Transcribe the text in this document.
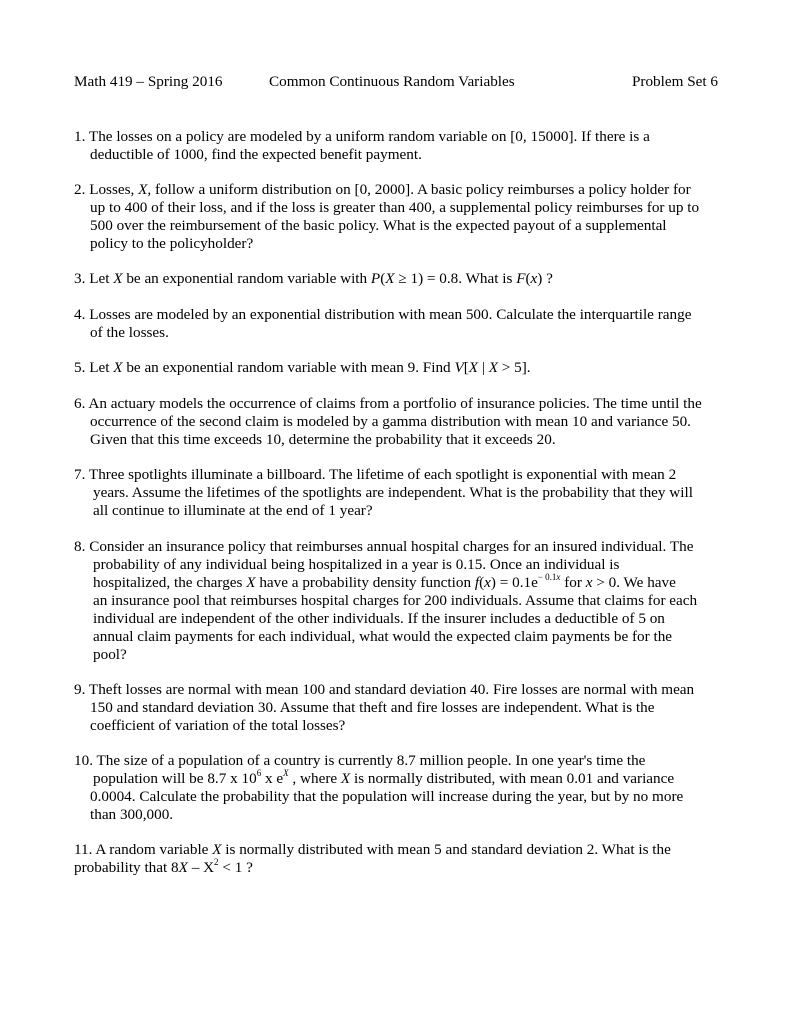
Math 419 – Spring 2016	Common Continuous Random Variables	Problem Set 6
1. The losses on a policy are modeled by a uniform random variable on [0, 15000]. If there is a
deductible of 1000, find the expected benefit payment.
2. Losses, X, follow a uniform distribution on [0, 2000]. A basic policy reimburses a policy holder for
up to 400 of their loss, and if the loss is greater than 400, a supplemental policy reimburses for up to
500 over the reimbursement of the basic policy. What is the expected payout of a supplemental
policy to the policyholder?
3. Let X be an exponential random variable with P(X ≥ 1) = 0.8. What is F(x) ?
4. Losses are modeled by an exponential distribution with mean 500. Calculate the interquartile range
of the losses.
5. Let X be an exponential random variable with mean 9. Find V[X | X > 5].
6. An actuary models the occurrence of claims from a portfolio of insurance policies. The time until the
occurrence of the second claim is modeled by a gamma distribution with mean 10 and variance 50.
Given that this time exceeds 10, determine the probability that it exceeds 20.
7. Three spotlights illuminate a billboard. The lifetime of each spotlight is exponential with mean 2
years. Assume the lifetimes of the spotlights are independent. What is the probability that they will
all continue to illuminate at the end of 1 year?
8. Consider an insurance policy that reimburses annual hospital charges for an insured individual. The
probability of any individual being hospitalized in a year is 0.15. Once an individual is
hospitalized, the charges X have a probability density function $f(x) = 0.1e^{- 0.1x}$ for x > 0. We have
an insurance pool that reimburses hospital charges for 200 individuals. Assume that claims for each
individual are independent of the other individuals. If the insurer includes a deductible of 5 on
annual claim payments for each individual, what would the expected claim payments be for the
pool?
9. Theft losses are normal with mean 100 and standard deviation 40. Fire losses are normal with mean
150 and standard deviation 30. Assume that theft and fire losses are independent. What is the
coefficient of variation of the total losses?
10. The size of a population of a country is currently 8.7 million people. In one year's time the
population will be 8.7 x $10^6$ x $e^X$ , where X is normally distributed, with mean 0.01 and variance
0.0004. Calculate the probability that the population will increase during the year, but by no more
than 300,000.
11. A random variable X is normally distributed with mean 5 and standard deviation 2. What is the
probability that $8X - X^2 < 1$ ?
